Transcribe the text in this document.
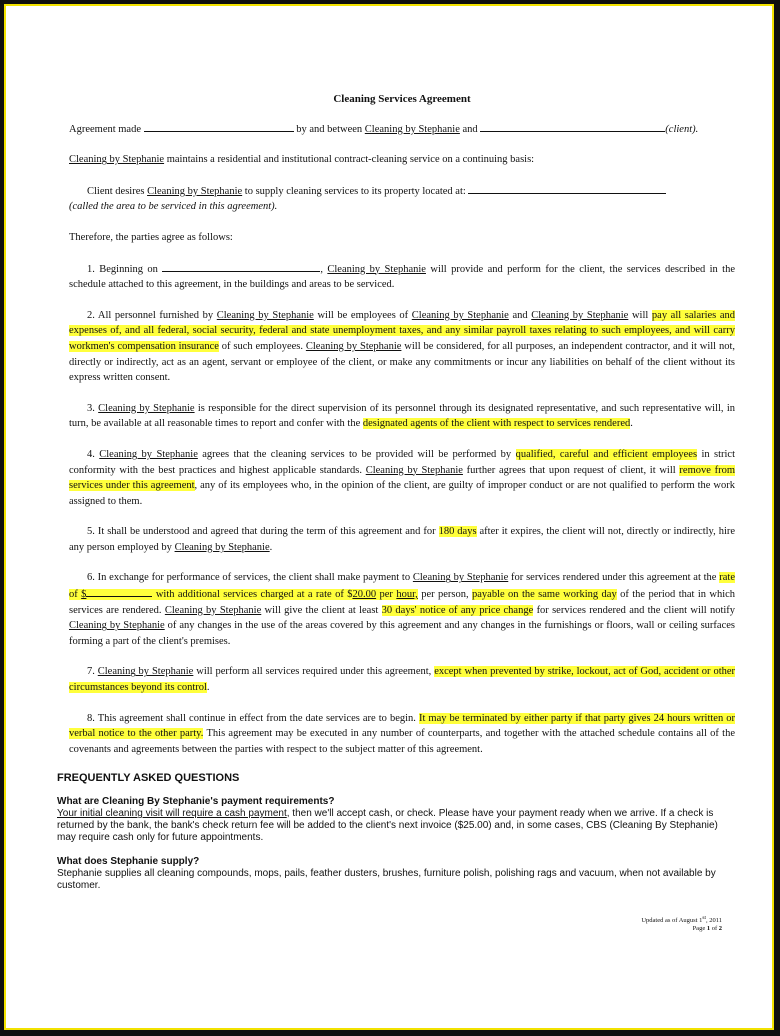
Cleaning Services Agreement

Agreement made	by and between Cleaning by Stephanie and	(client).

Cleaning by Stephanie maintains a residential and institutional contract-cleaning service on a continuing basis:

Client desires Cleaning by Stephanie to supply cleaning services to its property located at:
(called the area to be serviced in this agreement).

Therefore, the parties agree as follows:

1. Beginning on	, Cleaning by Stephanie will provide and perform for the client, the services described in the schedule attached to this agreement, in the buildings and areas to be serviced.

2. All personnel furnished by Cleaning by Stephanie will be employees of Cleaning by Stephanie and Cleaning by Stephanie will pay all salaries and expenses of, and all federal, social security, federal and state unemployment taxes, and any similar payroll taxes relating to such employees, and will carry workmen's compensation insurance of such employees. Cleaning by Stephanie will be considered, for all purposes, an independent contractor, and it will not, directly or indirectly, act as an agent, servant or employee of the client, or make any commitments or incur any liabilities on behalf of the client without its express written consent.

3. Cleaning by Stephanie is responsible for the direct supervision of its personnel through its designated representative, and such representative will, in turn, be available at all reasonable times to report and confer with the designated agents of the client with respect to services rendered.

4. Cleaning by Stephanie agrees that the cleaning services to be provided will be performed by qualified, careful and efficient employees in strict conformity with the best practices and highest applicable standards. Cleaning by Stephanie further agrees that upon request of client, it will remove from services under this agreement, any of its employees who, in the opinion of the client, are guilty of improper conduct or are not qualified to perform the work assigned to them.

5. It shall be understood and agreed that during the term of this agreement and for 180 days after it expires, the client will not, directly or indirectly, hire any person employed by Cleaning by Stephanie.

6. In exchange for performance of services, the client shall make payment to Cleaning by Stephanie for services rendered under this agreement at the rate of $	with additional services charged at a rate of $20.00 per hour, per person, payable on the same working day of the period that in which services are rendered. Cleaning by Stephanie will give the client at least 30 days' notice of any price change for services rendered and the client will notify Cleaning by Stephanie of any changes in the use of the areas covered by this agreement and any changes in the furnishings or floors, wall or ceiling surfaces forming a part of the client's premises.

7. Cleaning by Stephanie will perform all services required under this agreement, except when prevented by strike, lockout, act of God, accident or other circumstances beyond its control.

8. This agreement shall continue in effect from the date services are to begin. It may be terminated by either party if that party gives 24 hours written or verbal notice to the other party. This agreement may be executed in any number of counterparts, and together with the attached schedule contains all of the covenants and agreements between the parties with respect to the subject matter of this agreement.

FREQUENTLY ASKED QUESTIONS
What are Cleaning By Stephanie's payment requirements?

Your initial cleaning visit will require a cash payment, then we'll accept cash, or check. Please have your payment ready when we arrive. If a check is returned by the bank, the bank's check return fee will be added to the client's next invoice ($25.00) and, in some cases, CBS (Cleaning By Stephanie) may require cash only for future appointments.

What does Stephanie supply?

Stephanie supplies all cleaning compounds, mops, pails, feather dusters, brushes, furniture polish, polishing rags and vacuum, when not available by customer.

Updated as of August 1st, 2011
Page 1 of 2
